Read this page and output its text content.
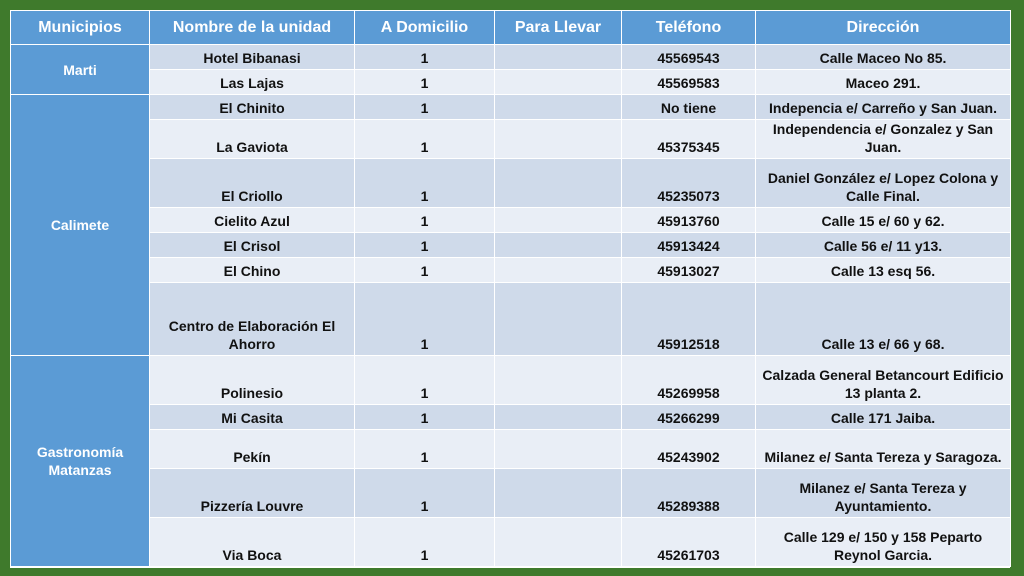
Municipios	Nombre de la unidad	A Domicilio	Para Llevar	Teléfono	Dirección
Marti	Hotel Bibanasi	1		45569543	Calle Maceo No 85.
	Las Lajas	1		45569583	Maceo 291.
Calimete	El Chinito	1		No tiene	Indepencia e/ Carreño y San Juan.
	La Gaviota	1		45375345	Independencia e/ Gonzalez y San Juan.
	El Criollo	1		45235073	Daniel González e/ Lopez Colona y Calle Final.
	Cielito Azul	1		45913760	Calle 15 e/ 60 y 62.
	El Crisol	1		45913424	Calle 56 e/ 11 y13.
	El Chino	1		45913027	Calle 13 esq 56.
	Centro de Elaboración El Ahorro	1		45912518	Calle 13 e/ 66 y 68.
Gastronomía Matanzas	Polinesio	1		45269958	Calzada General Betancourt Edificio 13 planta 2.
	Mi Casita	1		45266299	Calle 171 Jaiba.
	Pekín	1		45243902	Milanez e/ Santa Tereza y Saragoza.
	Pizzería Louvre	1		45289388	Milanez e/ Santa Tereza y Ayuntamiento.
	Via Boca	1		45261703	Calle 129 e/ 150 y 158 Peparto Reynol Garcia.
